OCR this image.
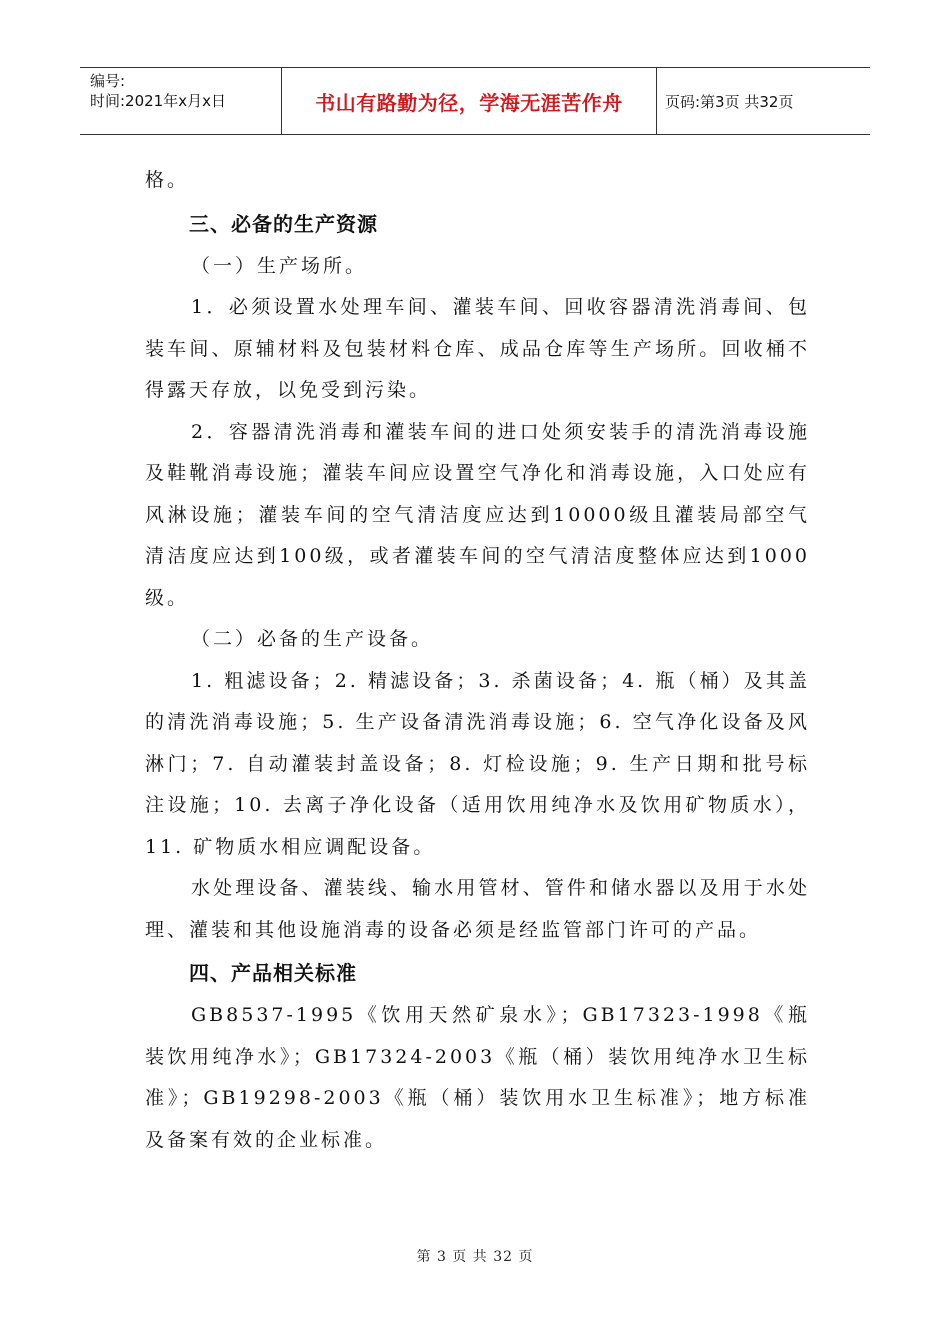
编号:
时间:2021年x月x日	书山有路勤为径，学海无涯苦作舟	页码:第3页 共32页

格。

三、必备的生产资源

（一）生产场所。

1．必须设置水处理车间、灌装车间、回收容器清洗消毒间、包装车间、原辅材料及包装材料仓库、成品仓库等生产场所。回收桶不得露天存放，以免受到污染。

2．容器清洗消毒和灌装车间的进口处须安装手的清洗消毒设施及鞋靴消毒设施；灌装车间应设置空气净化和消毒设施，入口处应有风淋设施；灌装车间的空气清洁度应达到10000级且灌装局部空气清洁度应达到100级，或者灌装车间的空气清洁度整体应达到1000级。

（二）必备的生产设备。

1. 粗滤设备；2. 精滤设备；3. 杀菌设备；4. 瓶（桶）及其盖的清洗消毒设施；5. 生产设备清洗消毒设施；6. 空气净化设备及风淋门；7. 自动灌装封盖设备；8. 灯检设施；9. 生产日期和批号标注设施；10. 去离子净化设备（适用饮用纯净水及饮用矿物质水），11. 矿物质水相应调配设备。

水处理设备、灌装线、输水用管材、管件和储水器以及用于水处理、灌装和其他设施消毒的设备必须是经监管部门许可的产品。

四、产品相关标准

GB8537-1995《饮用天然矿泉水》；GB17323-1998《瓶装饮用纯净水》；GB17324-2003《瓶（桶）装饮用纯净水卫生标准》；GB19298-2003《瓶（桶）装饮用水卫生标准》；地方标准及备案有效的企业标准。

第 3 页 共 32 页
